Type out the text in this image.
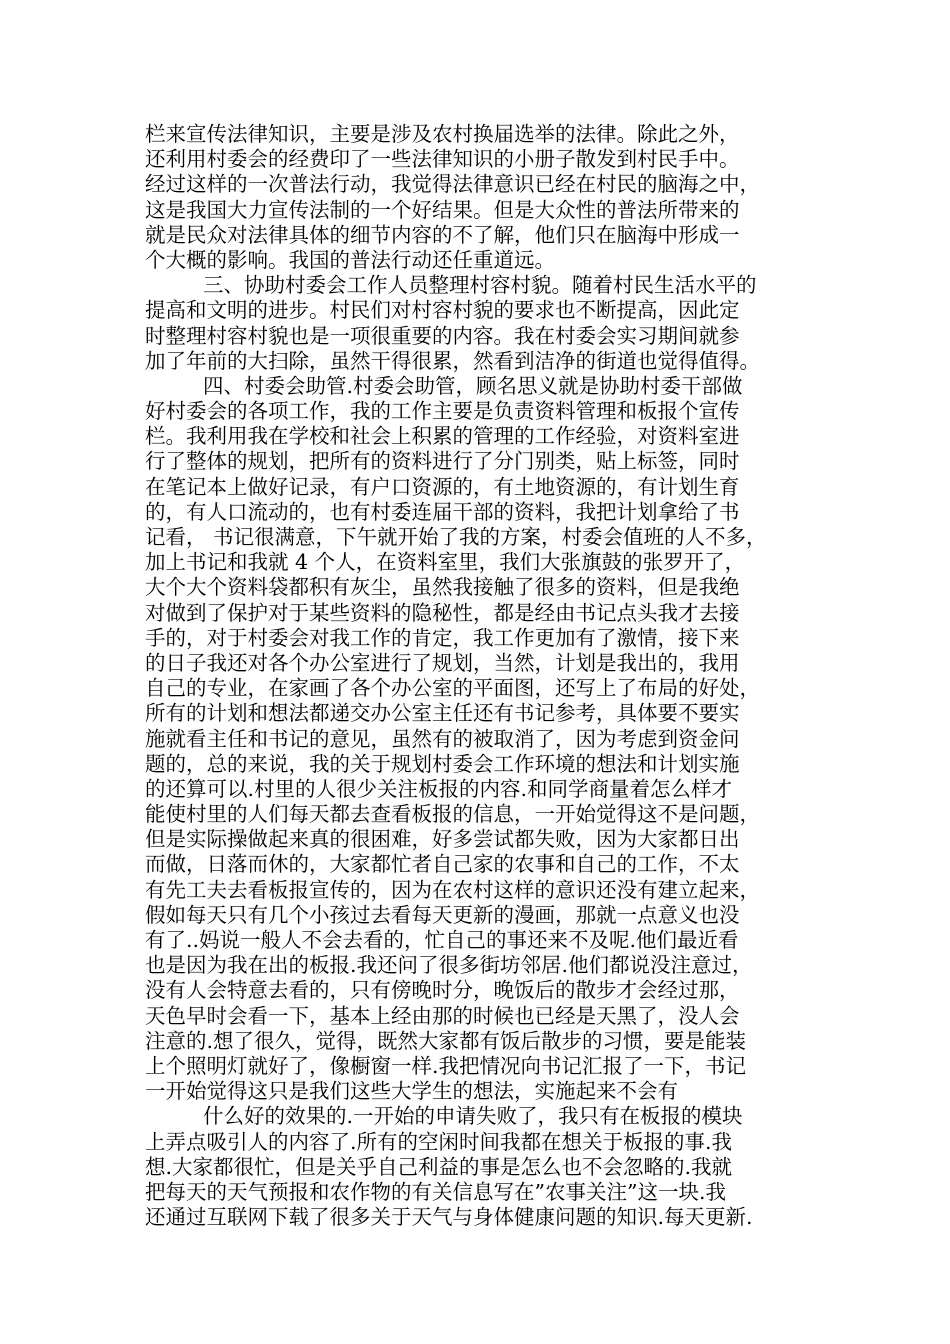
栏来宣传法律知识，主要是涉及农村换届选举的法律。除此之外，
还利用村委会的经费印了一些法律知识的小册子散发到村民手中。
经过这样的一次普法行动，我觉得法律意识已经在村民的脑海之中，
这是我国大力宣传法制的一个好结果。但是大众性的普法所带来的
就是民众对法律具体的细节内容的不了解，他们只在脑海中形成一
个大概的影响。我国的普法行动还任重道远。
三、协助村委会工作人员整理村容村貌。随着村民生活水平的
提高和文明的进步。村民们对村容村貌的要求也不断提高，因此定
时整理村容村貌也是一项很重要的内容。我在村委会实习期间就参
加了年前的大扫除，虽然干得很累，然看到洁净的街道也觉得值得。
四、村委会助管.村委会助管，顾名思义就是协助村委干部做
好村委会的各项工作，我的工作主要是负责资料管理和板报个宣传
栏。我利用我在学校和社会上积累的管理的工作经验，对资料室进
行了整体的规划，把所有的资料进行了分门别类，贴上标签，同时
在笔记本上做好记录，有户口资源的，有土地资源的，有计划生育
的，有人口流动的，也有村委连届干部的资料，我把计划拿给了书
记看， 书记很满意，下午就开始了我的方案，村委会值班的人不多，
加上书记和我就 4 个人，在资料室里，我们大张旗鼓的张罗开了，
大个大个资料袋都积有灰尘，虽然我接触了很多的资料，但是我绝
对做到了保护对于某些资料的隐秘性，都是经由书记点头我才去接
手的，对于村委会对我工作的肯定，我工作更加有了激情，接下来
的日子我还对各个办公室进行了规划，当然，计划是我出的，我用
自己的专业，在家画了各个办公室的平面图，还写上了布局的好处，
所有的计划和想法都递交办公室主任还有书记参考，具体要不要实
施就看主任和书记的意见，虽然有的被取消了，因为考虑到资金问
题的，总的来说，我的关于规划村委会工作环境的想法和计划实施
的还算可以.村里的人很少关注板报的内容.和同学商量着怎么样才
能使村里的人们每天都去查看板报的信息，一开始觉得这不是问题，
但是实际操做起来真的很困难，好多尝试都失败，因为大家都日出
而做，日落而休的，大家都忙者自己家的农事和自己的工作，不太
有先工夫去看板报宣传的，因为在农村这样的意识还没有建立起来，
假如每天只有几个小孩过去看每天更新的漫画，那就一点意义也没
有了..妈说一般人不会去看的，忙自己的事还来不及呢.他们最近看
也是因为我在出的板报.我还问了很多街坊邻居.他们都说没注意过，
没有人会特意去看的，只有傍晚时分，晚饭后的散步才会经过那，
天色早时会看一下，基本上经由那的时候也已经是天黑了，没人会
注意的.想了很久，觉得，既然大家都有饭后散步的习惯，要是能装
上个照明灯就好了，像橱窗一样.我把情况向书记汇报了一下，书记
一开始觉得这只是我们这些大学生的想法，实施起来不会有
什么好的效果的.一开始的申请失败了，我只有在板报的模块
上弄点吸引人的内容了.所有的空闲时间我都在想关于板报的事.我
想.大家都很忙，但是关乎自己利益的事是怎么也不会忽略的.我就
把每天的天气预报和农作物的有关信息写在”农事关注”这一块.我
还通过互联网下载了很多关于天气与身体健康问题的知识.每天更新.
